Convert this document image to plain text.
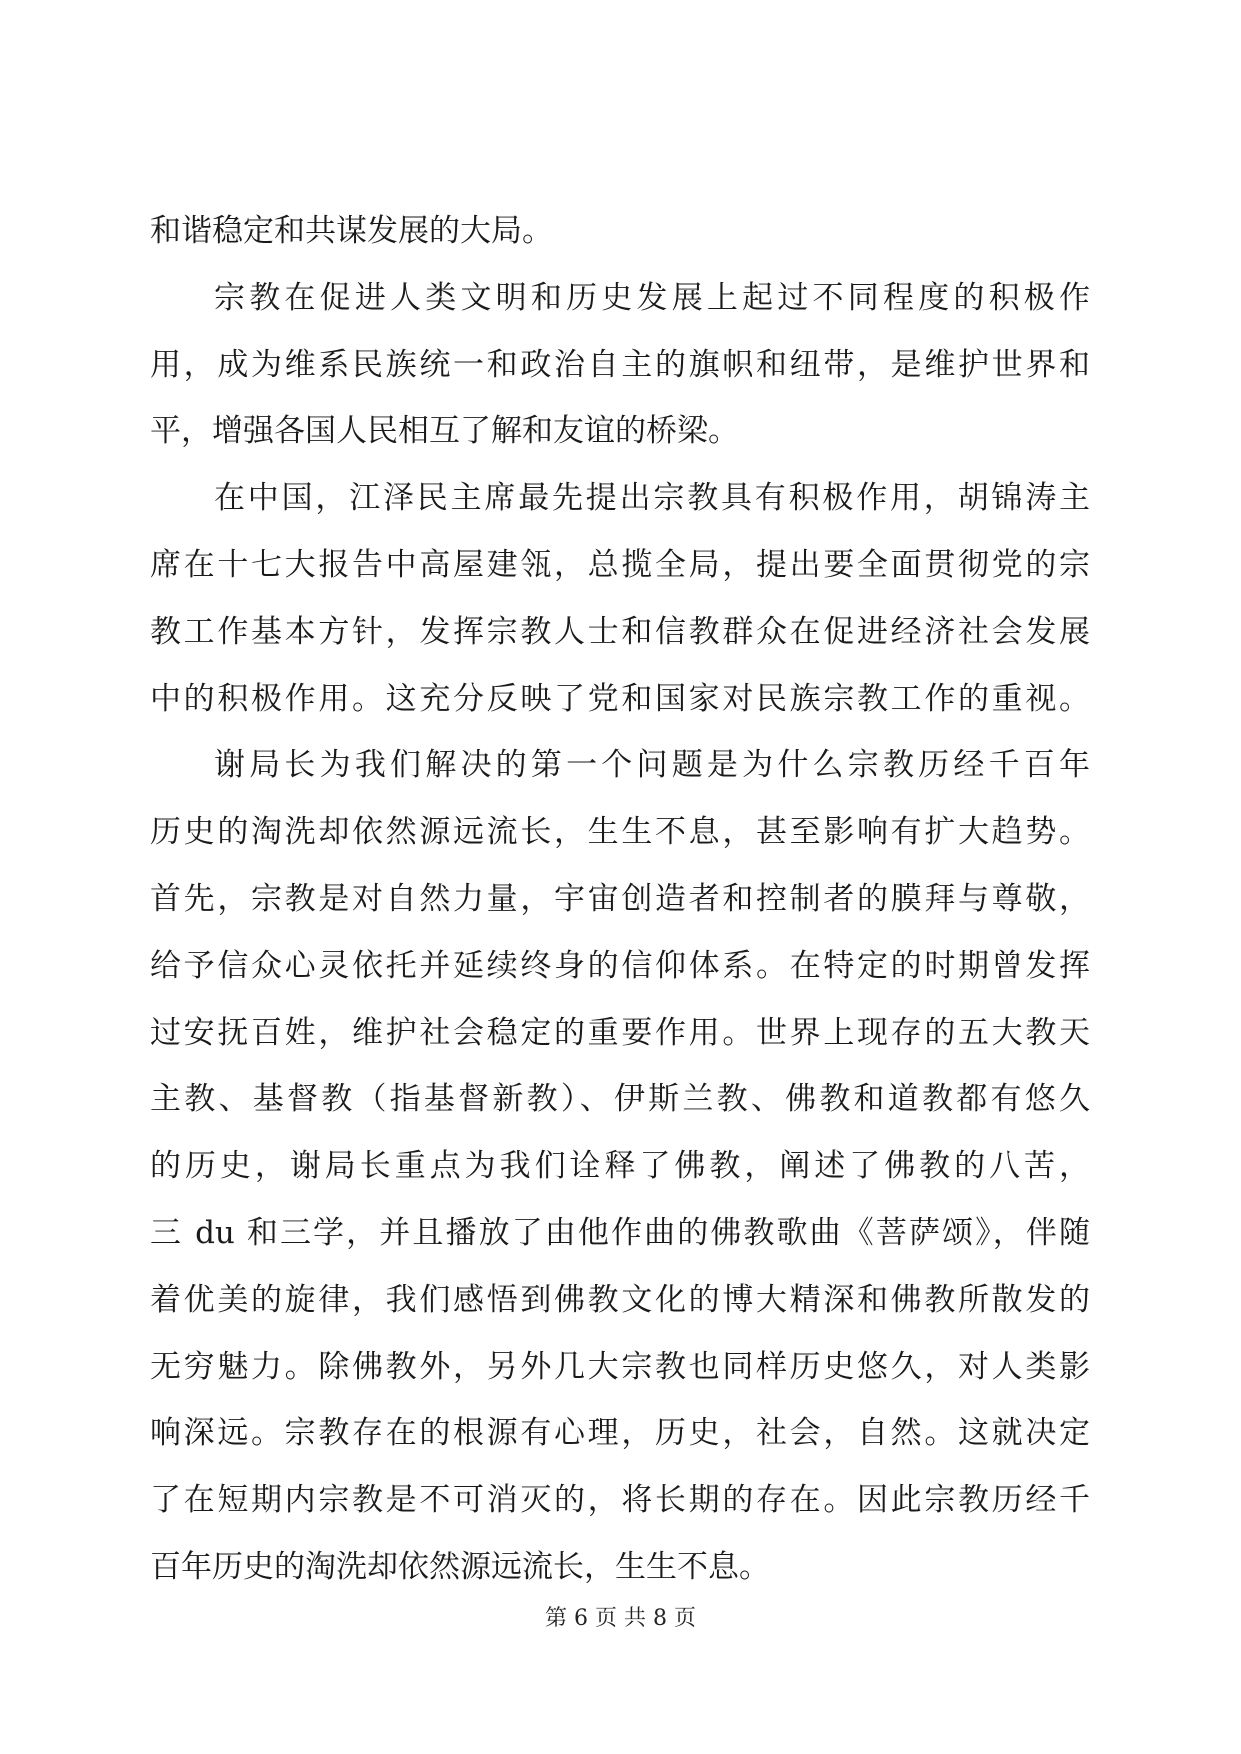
和谐稳定和共谋发展的大局。
宗教在促进人类文明和历史发展上起过不同程度的积极作
用，成为维系民族统一和政治自主的旗帜和纽带，是维护世界和
平，增强各国人民相互了解和友谊的桥梁。
在中国，江泽民主席最先提出宗教具有积极作用，胡锦涛主
席在十七大报告中高屋建瓴，总揽全局，提出要全面贯彻党的宗
教工作基本方针，发挥宗教人士和信教群众在促进经济社会发展
中的积极作用。这充分反映了党和国家对民族宗教工作的重视。
谢局长为我们解决的第一个问题是为什么宗教历经千百年
历史的淘洗却依然源远流长，生生不息，甚至影响有扩大趋势。
首先，宗教是对自然力量，宇宙创造者和控制者的膜拜与尊敬，
给予信众心灵依托并延续终身的信仰体系。在特定的时期曾发挥
过安抚百姓，维护社会稳定的重要作用。世界上现存的五大教天
主教、基督教（指基督新教）、伊斯兰教、佛教和道教都有悠久
的历史，谢局长重点为我们诠释了佛教，阐述了佛教的八苦，
三 du 和三学，并且播放了由他作曲的佛教歌曲《菩萨颂》，伴随
着优美的旋律，我们感悟到佛教文化的博大精深和佛教所散发的
无穷魅力。除佛教外，另外几大宗教也同样历史悠久，对人类影
响深远。宗教存在的根源有心理，历史，社会，自然。这就决定
了在短期内宗教是不可消灭的，将长期的存在。因此宗教历经千
百年历史的淘洗却依然源远流长，生生不息。
第 6 页 共 8 页
